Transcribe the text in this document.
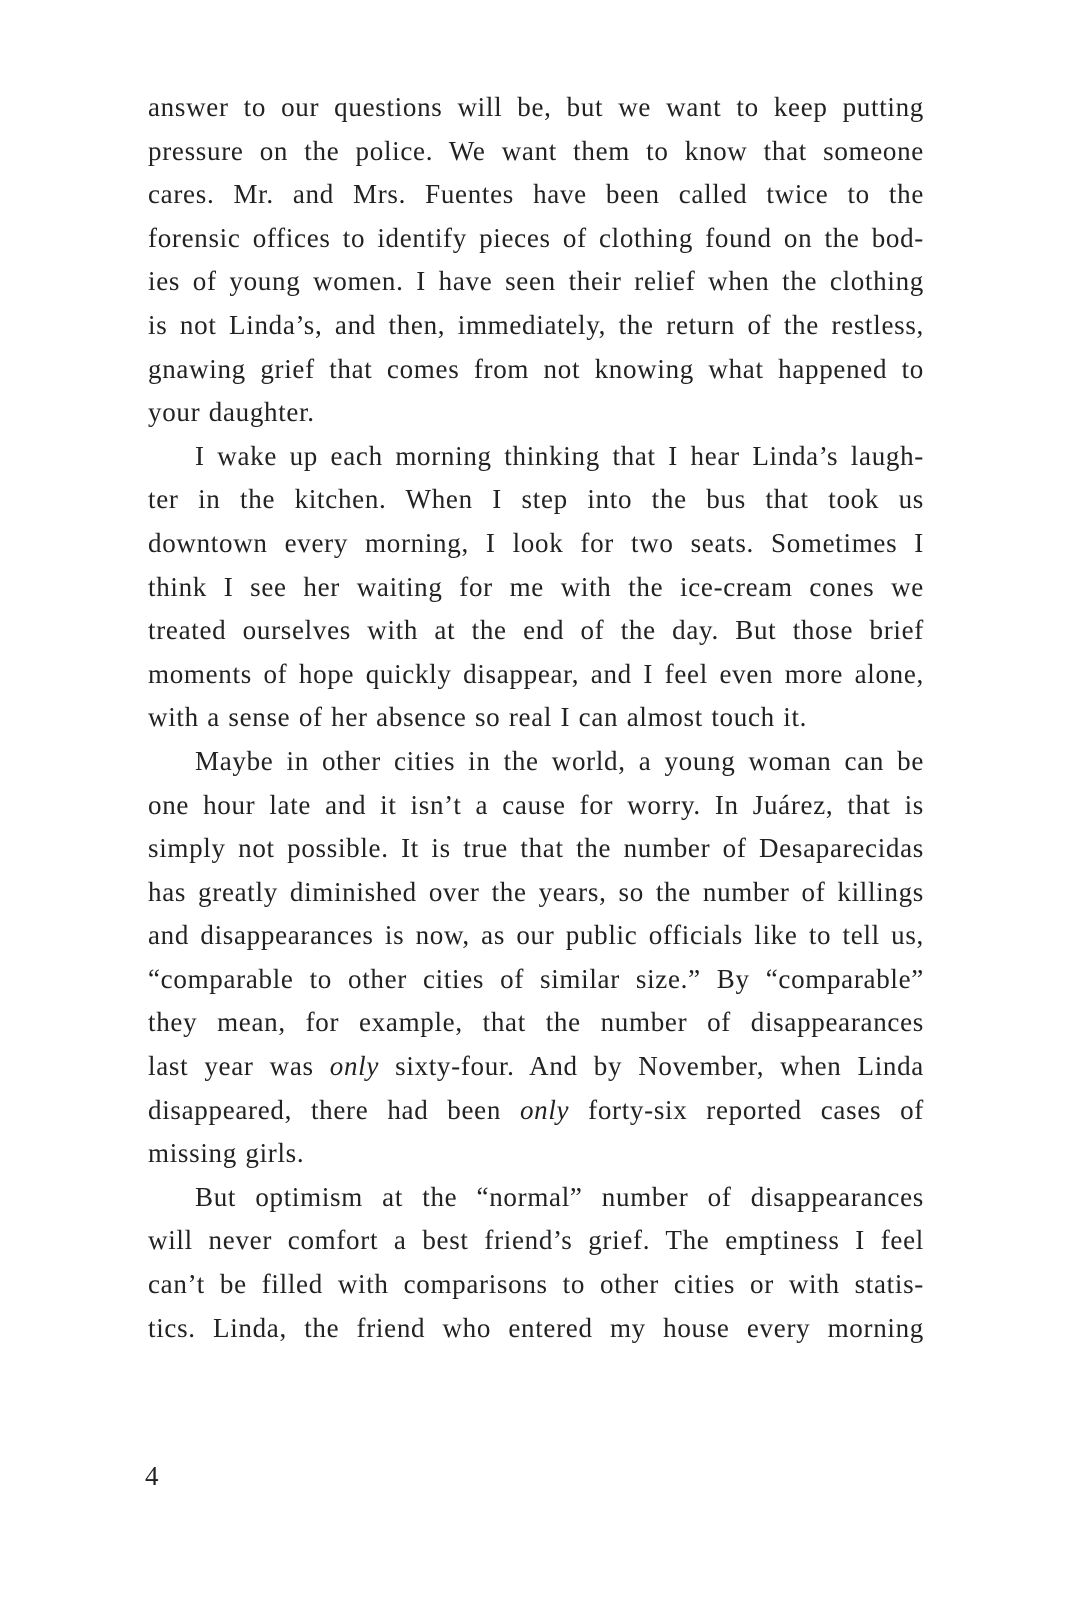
answer to our questions will be, but we want to keep putting
pressure on the police. We want them to know that someone
cares. Mr. and Mrs. Fuentes have been called twice to the
forensic offices to identify pieces of clothing found on the bod-
ies of young women. I have seen their relief when the clothing
is not Linda’s, and then, immediately, the return of the restless,
gnawing grief that comes from not knowing what happened to
your daughter.
I wake up each morning thinking that I hear Linda’s laugh-
ter in the kitchen. When I step into the bus that took us
downtown every morning, I look for two seats. Sometimes I
think I see her waiting for me with the ice-cream cones we
treated ourselves with at the end of the day. But those brief
moments of hope quickly disappear, and I feel even more alone,
with a sense of her absence so real I can almost touch it.
Maybe in other cities in the world, a young woman can be
one hour late and it isn’t a cause for worry. In Juárez, that is
simply not possible. It is true that the number of Desaparecidas
has greatly diminished over the years, so the number of killings
and disappearances is now, as our public officials like to tell us,
“comparable to other cities of similar size.” By “comparable”
they mean, for example, that the number of disappearances
last year was only sixty-four. And by November, when Linda
disappeared, there had been only forty-six reported cases of
missing girls.
But optimism at the “normal” number of disappearances
will never comfort a best friend’s grief. The emptiness I feel
can’t be filled with comparisons to other cities or with statis-
tics. Linda, the friend who entered my house every morning
4
